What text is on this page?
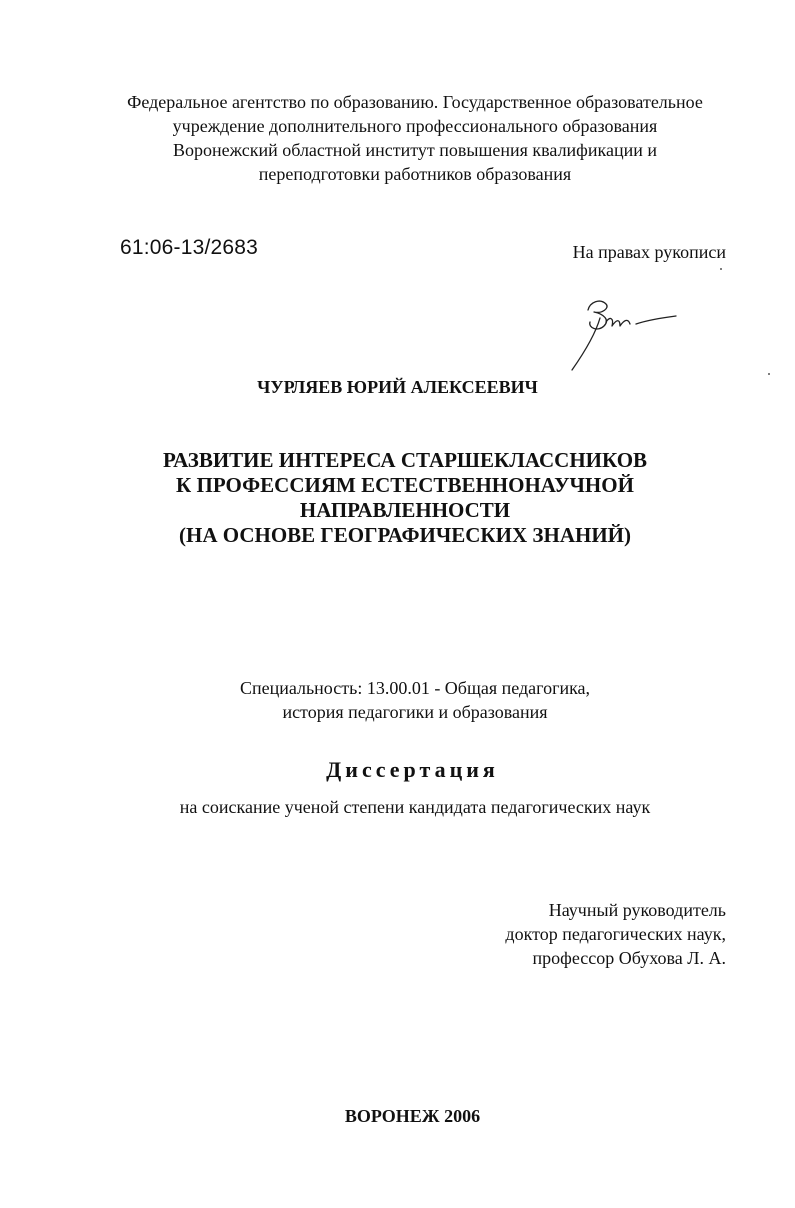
Федеральное агентство по образованию. Государственное образовательное
учреждение дополнительного профессионального образования
Воронежский областной институт повышения квалификации и
переподготовки работников образования
61:06-13/2683	На правах рукописи
ЧУРЛЯЕВ ЮРИЙ АЛЕКСЕЕВИЧ
РАЗВИТИЕ ИНТЕРЕСА СТАРШЕКЛАССНИКОВ
К ПРОФЕССИЯМ ЕСТЕСТВЕННОНАУЧНОЙ
НАПРАВЛЕННОСТИ
(НА ОСНОВЕ ГЕОГРАФИЧЕСКИХ ЗНАНИЙ)
Специальность: 13.00.01 - Общая педагогика,
история педагогики и образования
Диссертация
на соискание ученой степени кандидата педагогических наук
Научный руководитель
доктор педагогических наук,
профессор Обухова Л. А.
ВОРОНЕЖ 2006
